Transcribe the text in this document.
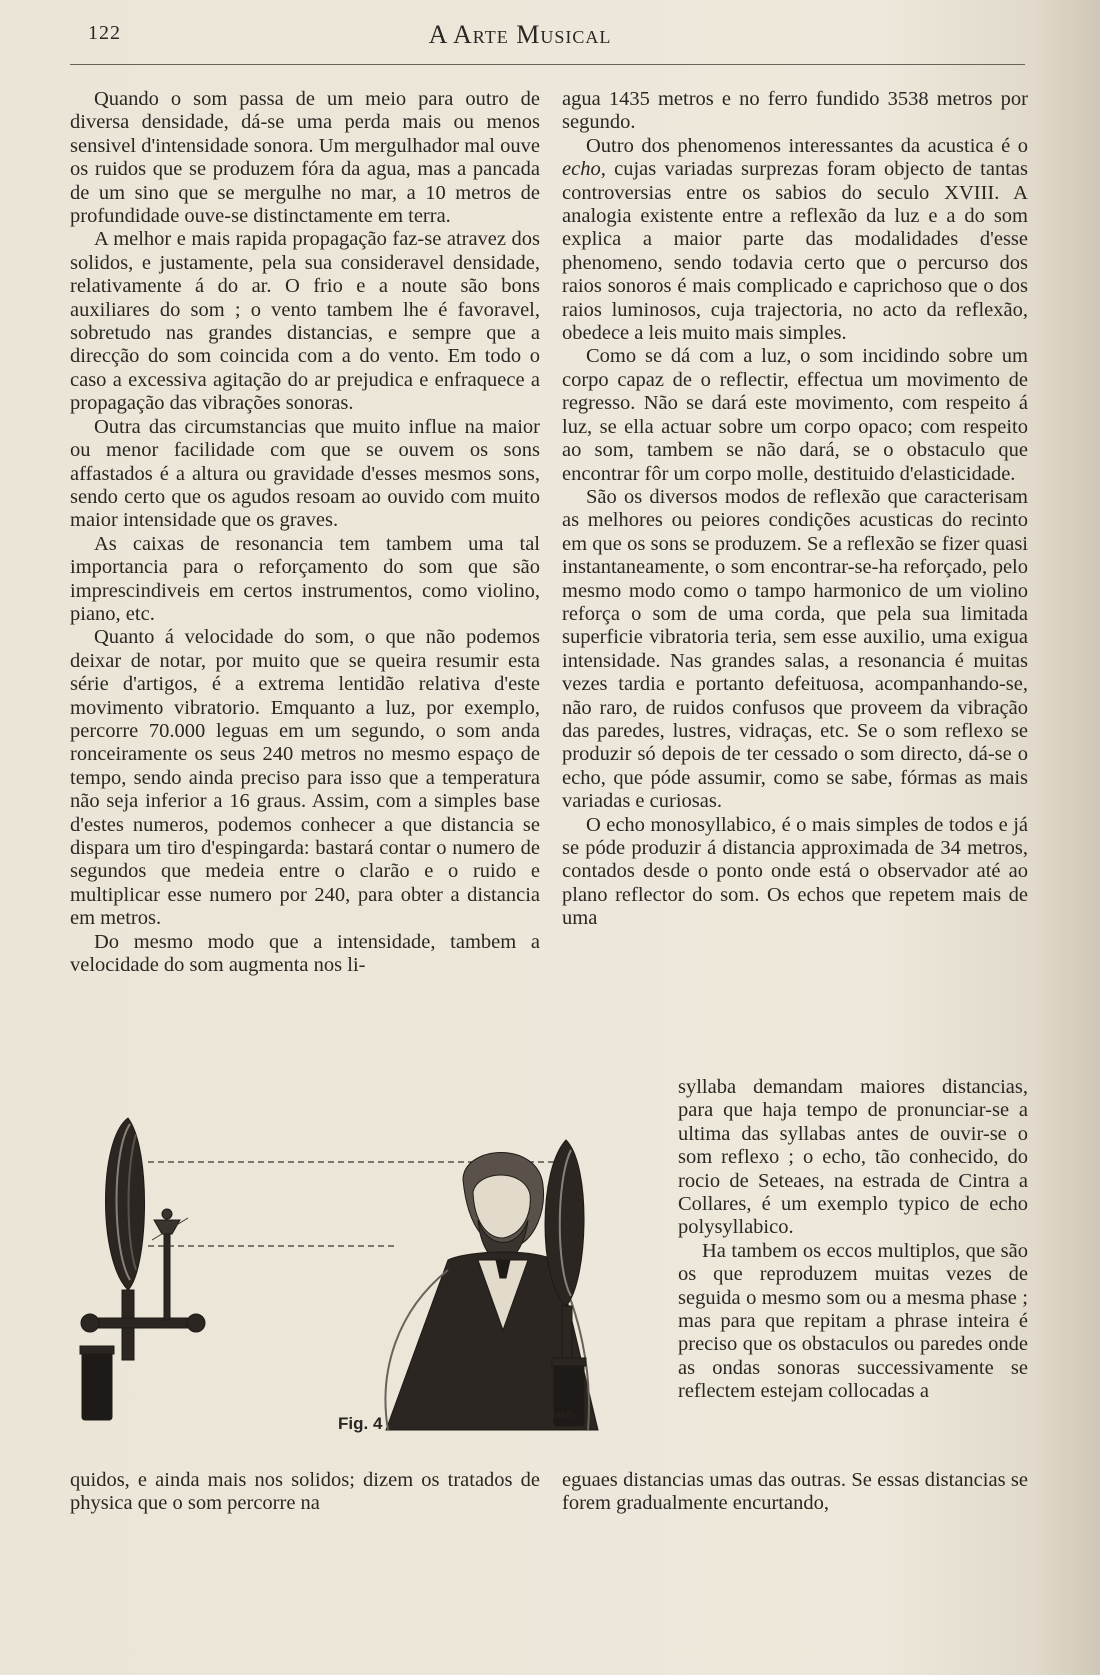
122	A Arte Musical

Quando o som passa de um meio para outro de diversa densidade, dá-se uma perda mais ou menos sensivel d'intensidade sonora. Um mergulhador mal ouve os ruidos que se produzem fóra da agua, mas a pancada de um sino que se mergulhe no mar, a 10 metros de profundidade ouve-se distinctamente em terra.

A melhor e mais rapida propagação faz-se atravez dos solidos, e justamente, pela sua consideravel densidade, relativamente á do ar. O frio e a noute são bons auxiliares do som ; o vento tambem lhe é favoravel, sobretudo nas grandes distancias, e sempre que a direcção do som coincida com a do vento. Em todo o caso a excessiva agitação do ar prejudica e enfraquece a propagação das vibrações sonoras.

Outra das circumstancias que muito influe na maior ou menor facilidade com que se ouvem os sons affastados é a altura ou gravidade d'esses mesmos sons, sendo certo que os agudos resoam ao ouvido com muito maior intensidade que os graves.

As caixas de resonancia tem tambem uma tal importancia para o reforçamento do som que são imprescindiveis em certos instrumentos, como violino, piano, etc.

Quanto á velocidade do som, o que não podemos deixar de notar, por muito que se queira resumir esta série d'artigos, é a extrema lentidão relativa d'este movimento vibratorio. Emquanto a luz, por exemplo, percorre 70.000 leguas em um segundo, o som anda ronceiramente os seus 240 metros no mesmo espaço de tempo, sendo ainda preciso para isso que a temperatura não seja inferior a 16 graus. Assim, com a simples base d'estes numeros, podemos conhecer a que distancia se dispara um tiro d'espingarda: bastará contar o numero de segundos que medeia entre o clarão e o ruido e multiplicar esse numero por 240, para obter a distancia em metros.

Do mesmo modo que a intensidade, tambem a velocidade do som augmenta nos li-

agua 1435 metros e no ferro fundido 3538 metros por segundo.

Outro dos phenomenos interessantes da acustica é o echo, cujas variadas surprezas foram objecto de tantas controversias entre os sabios do seculo XVIII. A analogia existente entre a reflexão da luz e a do som explica a maior parte das modalidades d'esse phenomeno, sendo todavia certo que o percurso dos raios sonoros é mais complicado e caprichoso que o dos raios luminosos, cuja trajectoria, no acto da reflexão, obedece a leis muito mais simples.

Como se dá com a luz, o som incidindo sobre um corpo capaz de o reflectir, effectua um movimento de regresso. Não se dará este movimento, com respeito á luz, se ella actuar sobre um corpo opaco; com respeito ao som, tambem se não dará, se o obstaculo que encontrar fôr um corpo molle, destituido d'elasticidade.

São os diversos modos de reflexão que caracterisam as melhores ou peiores condições acusticas do recinto em que os sons se produzem. Se a reflexão se fizer quasi instantaneamente, o som encontrar-se-ha reforçado, pelo mesmo modo como o tampo harmonico de um violino reforça o som de uma corda, que pela sua limitada superficie vibratoria teria, sem esse auxilio, uma exigua intensidade. Nas grandes salas, a resonancia é muitas vezes tardia e portanto defeituosa, acompanhando-se, não raro, de ruidos confusos que proveem da vibração das paredes, lustres, vidraças, etc. Se o som reflexo se produzir só depois de ter cessado o som directo, dá-se o echo, que póde assumir, como se sabe, fórmas as mais variadas e curiosas.

O echo monosyllabico, é o mais simples de todos e já se póde produzir á distancia approximada de 34 metros, contados desde o ponto onde está o observador até ao plano reflector do som. Os echos que repetem mais de uma

syllaba demandam maiores distancias, para que haja tempo de pronunciar-se a ultima das syllabas antes de ouvir-se o som reflexo ; o echo, tão conhecido, do rocio de Seteaes, na estrada de Cintra a Collares, é um exemplo typico de echo polysyllabico.

Ha tambem os eccos multiplos, que são os que reproduzem muitas vezes de seguida o mesmo som ou a mesma phase ; mas para que repitam a phrase inteira é preciso que os obstaculos ou paredes onde as ondas sonoras successivamente se reflectem estejam collocadas a

HILDIBRAND.
Fig. 4

quidos, e ainda mais nos solidos; dizem os tratados de physica que o som percorre na

eguaes distancias umas das outras. Se essas distancias se forem gradualmente encurtando,
